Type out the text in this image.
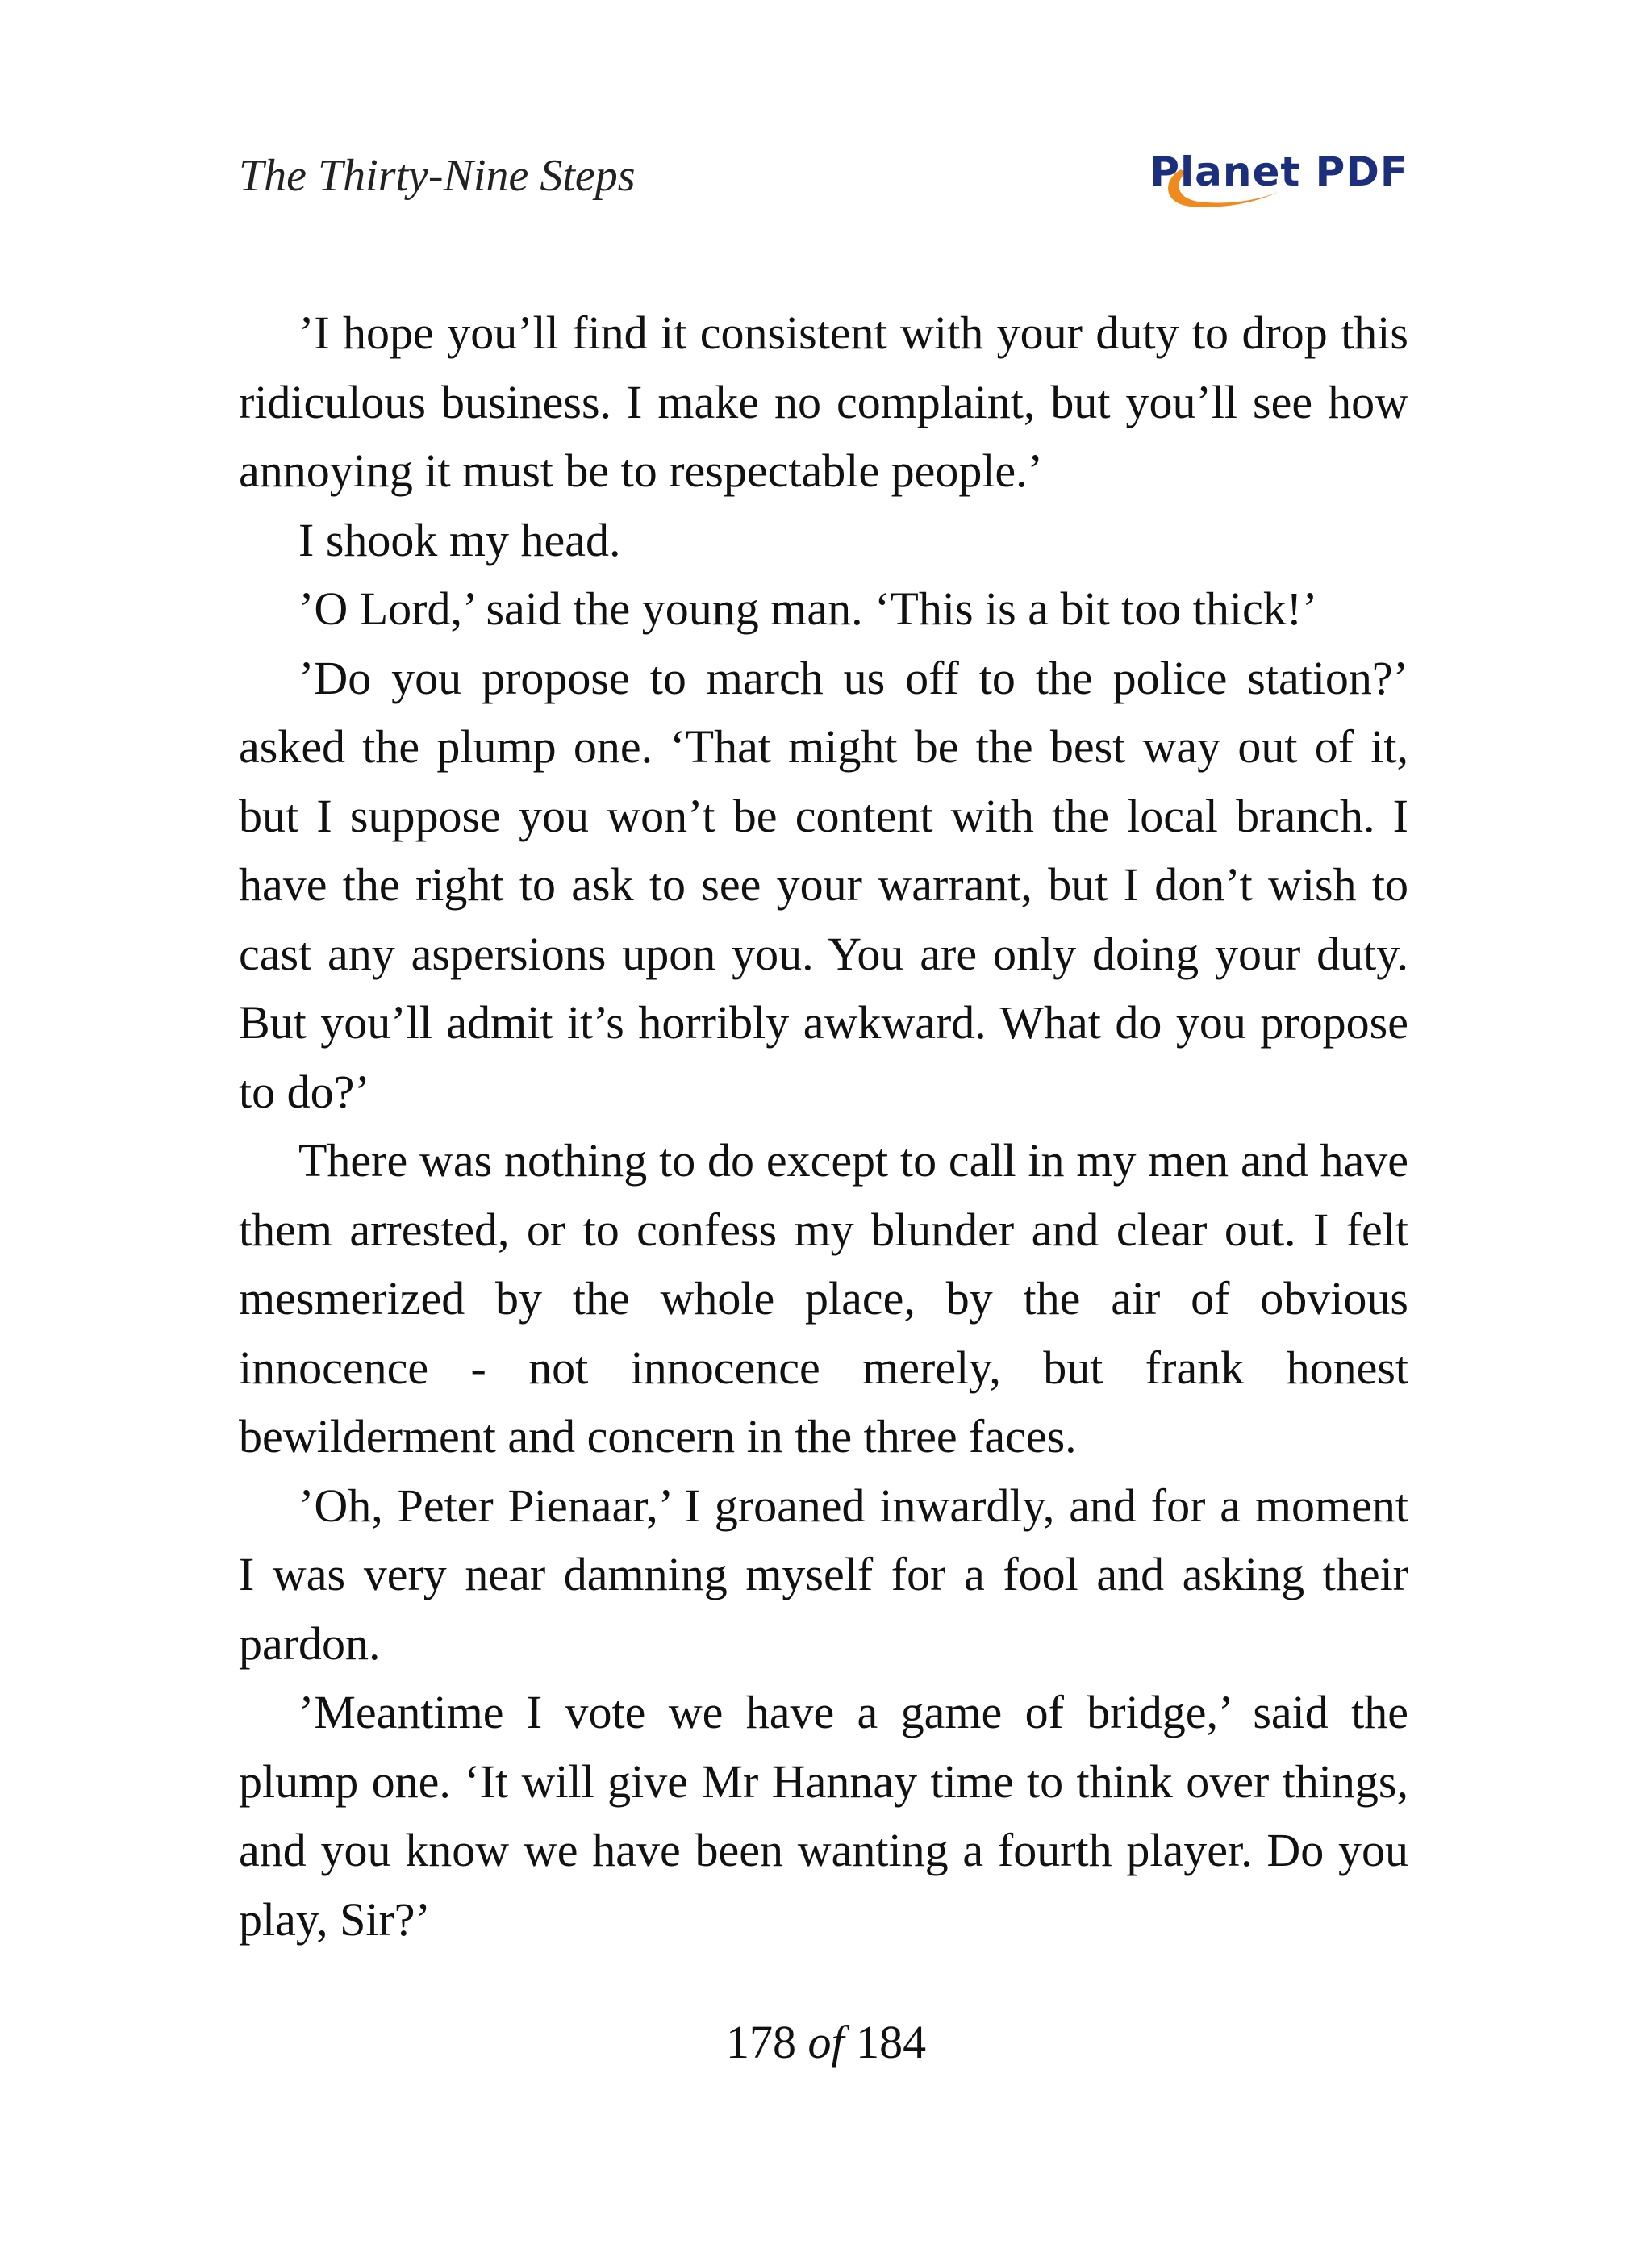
The Thirty-Nine Steps	Planet PDF

’I hope you’ll find it consistent with your duty to drop this ridiculous business. I make no complaint, but you’ll see how annoying it must be to respectable people.’

I shook my head.

’O Lord,’ said the young man. ‘This is a bit too thick!’

’Do you propose to march us off to the police station?’ asked the plump one. ‘That might be the best way out of it, but I suppose you won’t be content with the local branch. I have the right to ask to see your warrant, but I don’t wish to cast any aspersions upon you. You are only doing your duty. But you’ll admit it’s horribly awkward. What do you propose to do?’

There was nothing to do except to call in my men and have them arrested, or to confess my blunder and clear out. I felt mesmerized by the whole place, by the air of obvious innocence - not innocence merely, but frank honest bewilderment and concern in the three faces.

’Oh, Peter Pienaar,’ I groaned inwardly, and for a moment I was very near damning myself for a fool and asking their pardon.

’Meantime I vote we have a game of bridge,’ said the plump one. ‘It will give Mr Hannay time to think over things, and you know we have been wanting a fourth player. Do you play, Sir?’

178 of 184
